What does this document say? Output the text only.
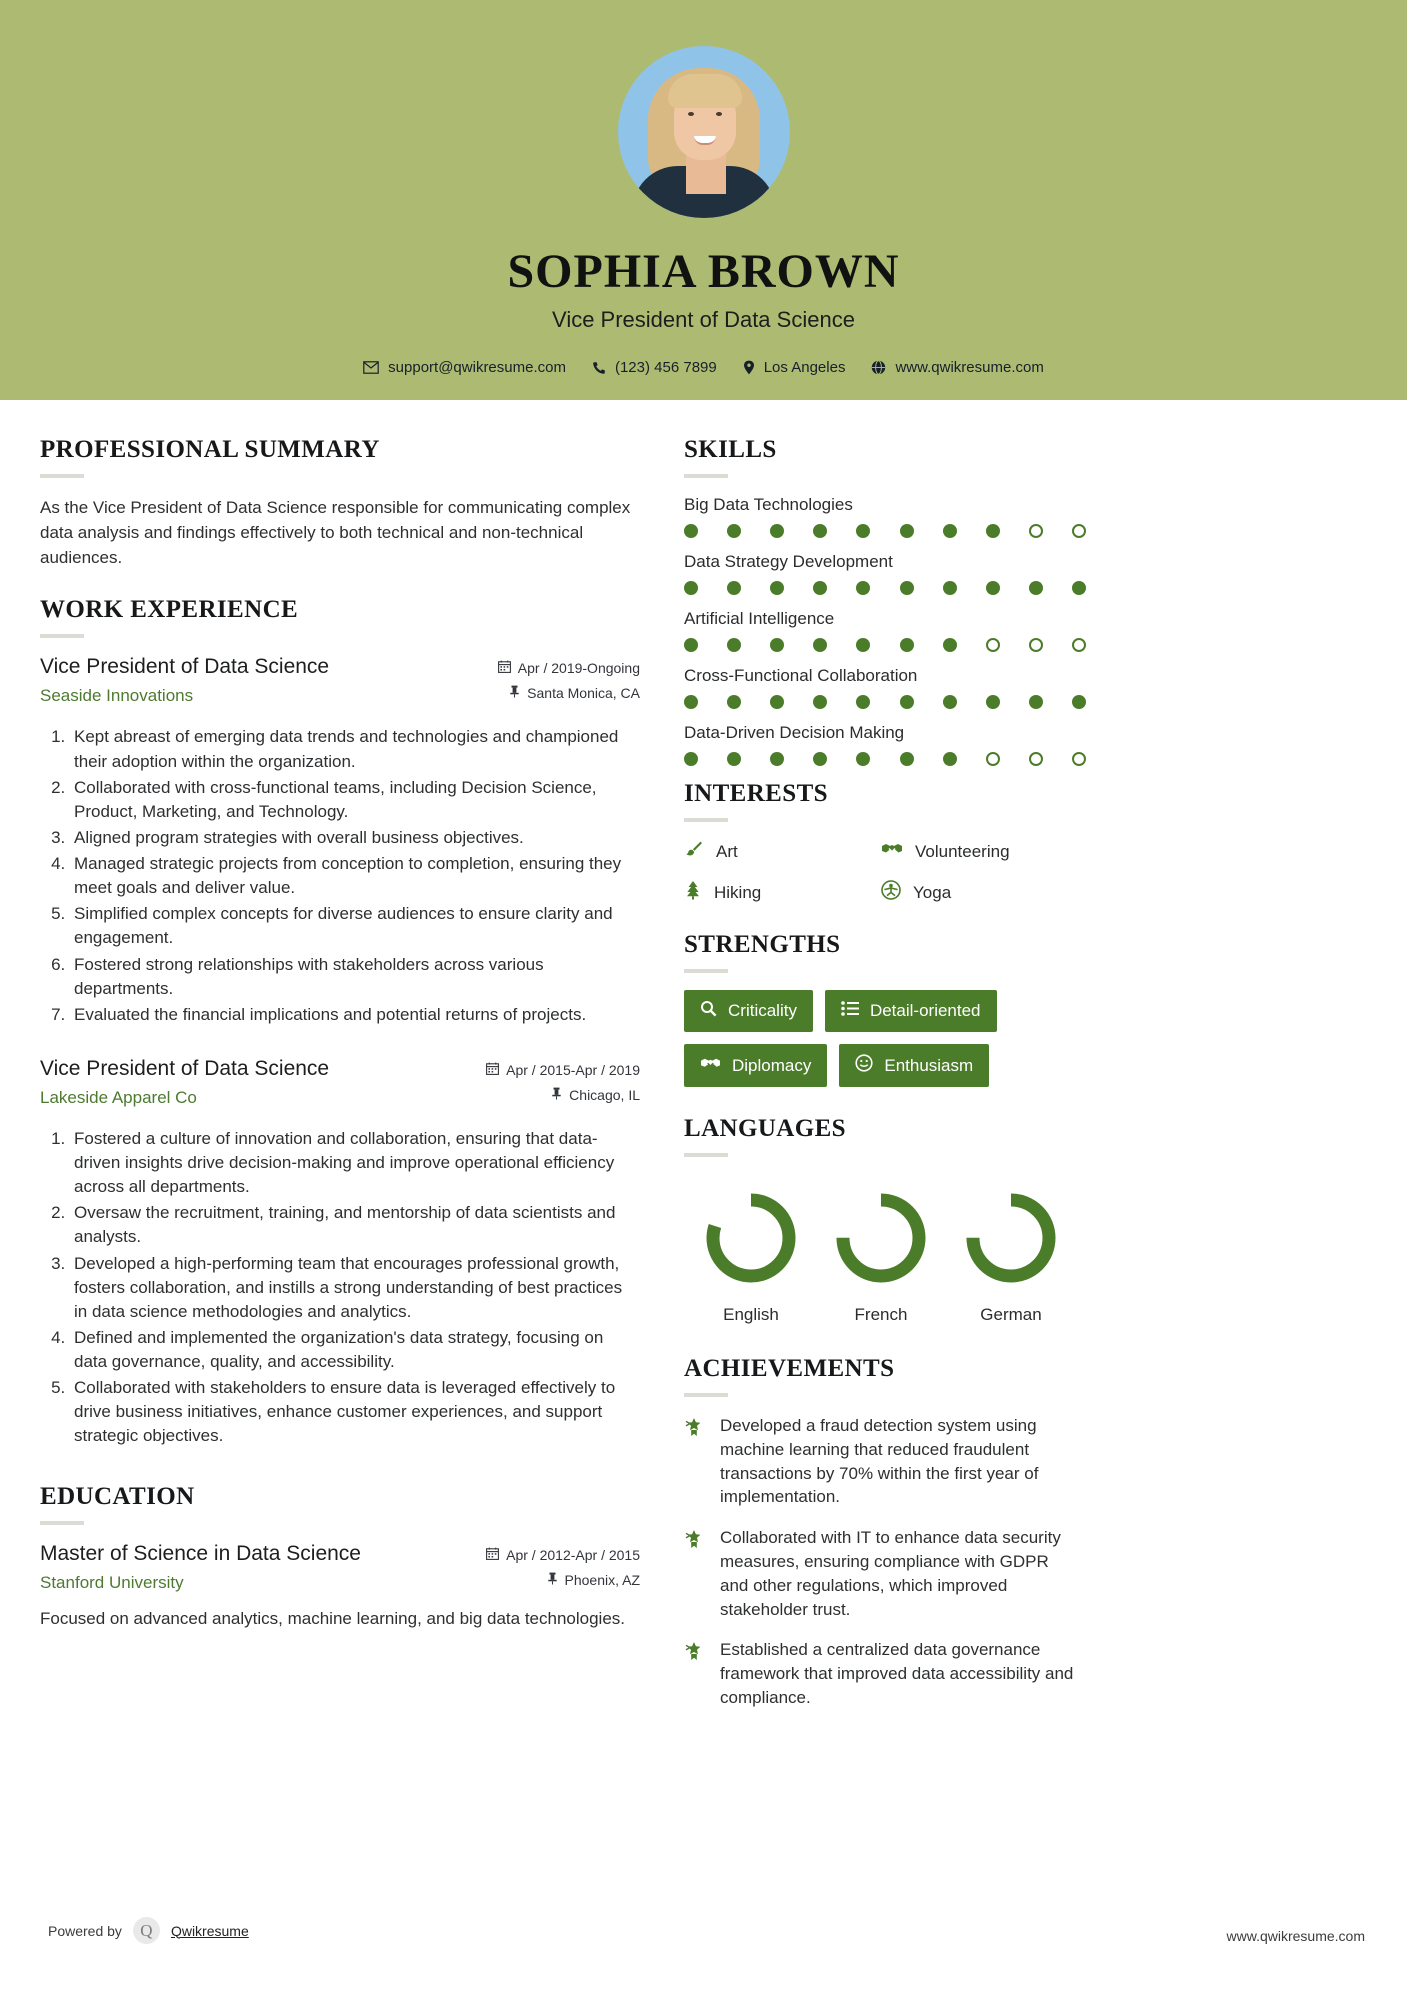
SOPHIA BROWN
Vice President of Data Science
support@qwikresume.com	(123) 456 7899	Los Angeles	www.qwikresume.com
PROFESSIONAL SUMMARY
As the Vice President of Data Science responsible for communicating complex data analysis and findings effectively to both technical and non-technical audiences.
WORK EXPERIENCE
Vice President of Data Science
Seaside Innovations
Apr / 2019-Ongoing
Santa Monica, CA
1. Kept abreast of emerging data trends and technologies and championed their adoption within the organization.
2. Collaborated with cross-functional teams, including Decision Science, Product, Marketing, and Technology.
3. Aligned program strategies with overall business objectives.
4. Managed strategic projects from conception to completion, ensuring they meet goals and deliver value.
5. Simplified complex concepts for diverse audiences to ensure clarity and engagement.
6. Fostered strong relationships with stakeholders across various departments.
7. Evaluated the financial implications and potential returns of projects.
Vice President of Data Science
Lakeside Apparel Co
Apr / 2015-Apr / 2019
Chicago, IL
1. Fostered a culture of innovation and collaboration, ensuring that data-driven insights drive decision-making and improve operational efficiency across all departments.
2. Oversaw the recruitment, training, and mentorship of data scientists and analysts.
3. Developed a high-performing team that encourages professional growth, fosters collaboration, and instills a strong understanding of best practices in data science methodologies and analytics.
4. Defined and implemented the organization's data strategy, focusing on data governance, quality, and accessibility.
5. Collaborated with stakeholders to ensure data is leveraged effectively to drive business initiatives, enhance customer experiences, and support strategic objectives.
EDUCATION
Master of Science in Data Science
Stanford University
Apr / 2012-Apr / 2015
Phoenix, AZ
Focused on advanced analytics, machine learning, and big data technologies.
SKILLS
Big Data Technologies
Data Strategy Development
Artificial Intelligence
Cross-Functional Collaboration
Data-Driven Decision Making
INTERESTS
Art	Volunteering
Hiking	Yoga
STRENGTHS
Criticality	Detail-oriented
Diplomacy	Enthusiasm
LANGUAGES
English	French	German
ACHIEVEMENTS
Developed a fraud detection system using machine learning that reduced fraudulent transactions by 70% within the first year of implementation.
Collaborated with IT to enhance data security measures, ensuring compliance with GDPR and other regulations, which improved stakeholder trust.
Established a centralized data governance framework that improved data accessibility and compliance.
Powered by	Q	Qwikresume	www.qwikresume.com
